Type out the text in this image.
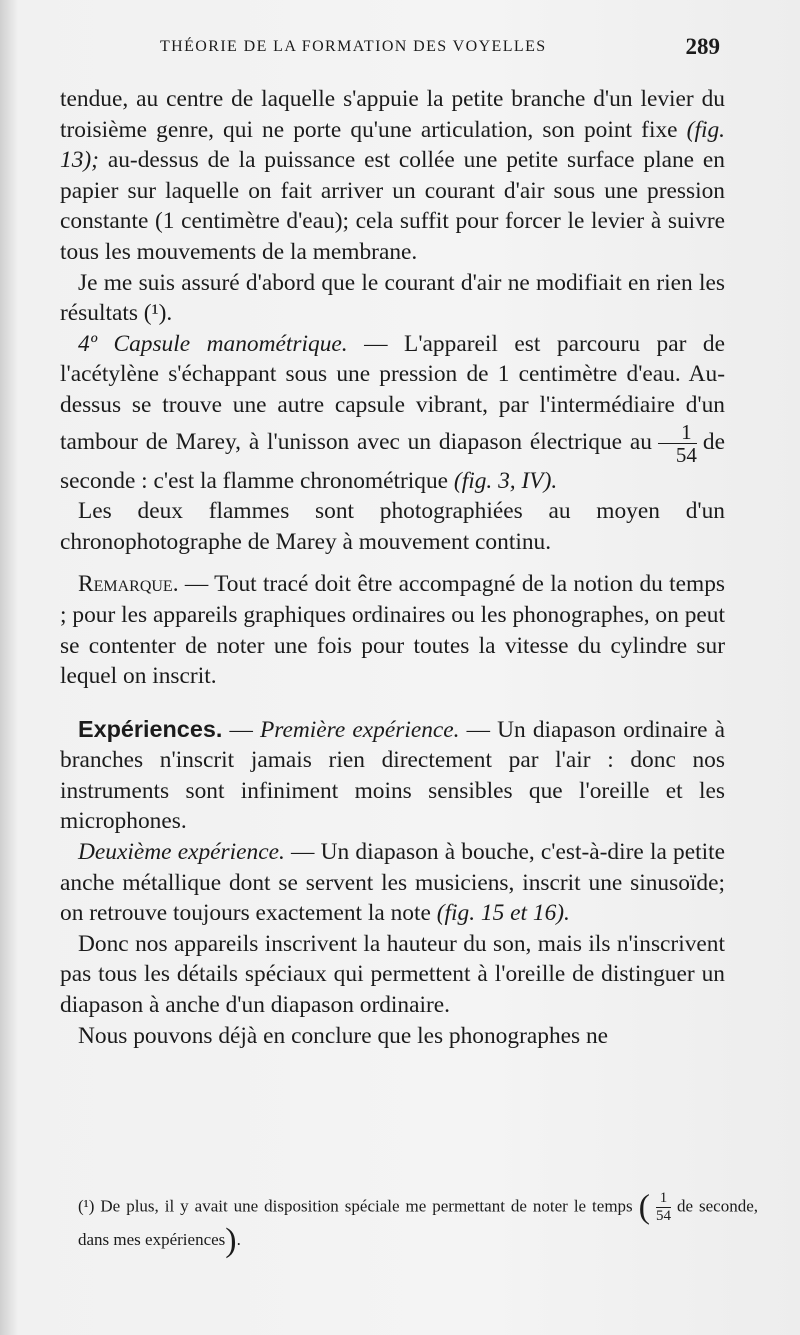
THÉORIE DE LA FORMATION DES VOYELLES	289

tendue, au centre de laquelle s'appuie la petite branche d'un levier du troisième genre, qui ne porte qu'une articulation, son point fixe (fig. 13); au-dessus de la puissance est collée une petite surface plane en papier sur laquelle on fait arriver un courant d'air sous une pression constante (1 centimètre d'eau); cela suffit pour forcer le levier à suivre tous les mouvements de la membrane.

Je me suis assuré d'abord que le courant d'air ne modifiait en rien les résultats (¹).

4º Capsule manométrique. — L'appareil est parcouru par de l'acétylène s'échappant sous une pression de 1 centimètre d'eau. Au-dessus se trouve une autre capsule vibrant, par l'intermédiaire d'un tambour de Marey, à l'unisson avec un diapason électrique au $\frac{1}{54}$ de seconde : c'est la flamme chronométrique (fig. 3, IV).

Les deux flammes sont photographiées au moyen d'un chronophotographe de Marey à mouvement continu.

Remarque. — Tout tracé doit être accompagné de la notion du temps ; pour les appareils graphiques ordinaires ou les phonographes, on peut se contenter de noter une fois pour toutes la vitesse du cylindre sur lequel on inscrit.

Expériences. — Première expérience. — Un diapason ordinaire à branches n'inscrit jamais rien directement par l'air : donc nos instruments sont infiniment moins sensibles que l'oreille et les microphones.

Deuxième expérience. — Un diapason à bouche, c'est-à-dire la petite anche métallique dont se servent les musiciens, inscrit une sinusoïde; on retrouve toujours exactement la note (fig. 15 et 16).

Donc nos appareils inscrivent la hauteur du son, mais ils n'inscrivent pas tous les détails spéciaux qui permettent à l'oreille de distinguer un diapason à anche d'un diapason ordinaire.

Nous pouvons déjà en conclure que les phonographes ne

(¹) De plus, il y avait une disposition spéciale me permettant de noter le temps ( $\frac{1}{54}$ de seconde, dans mes expériences).
